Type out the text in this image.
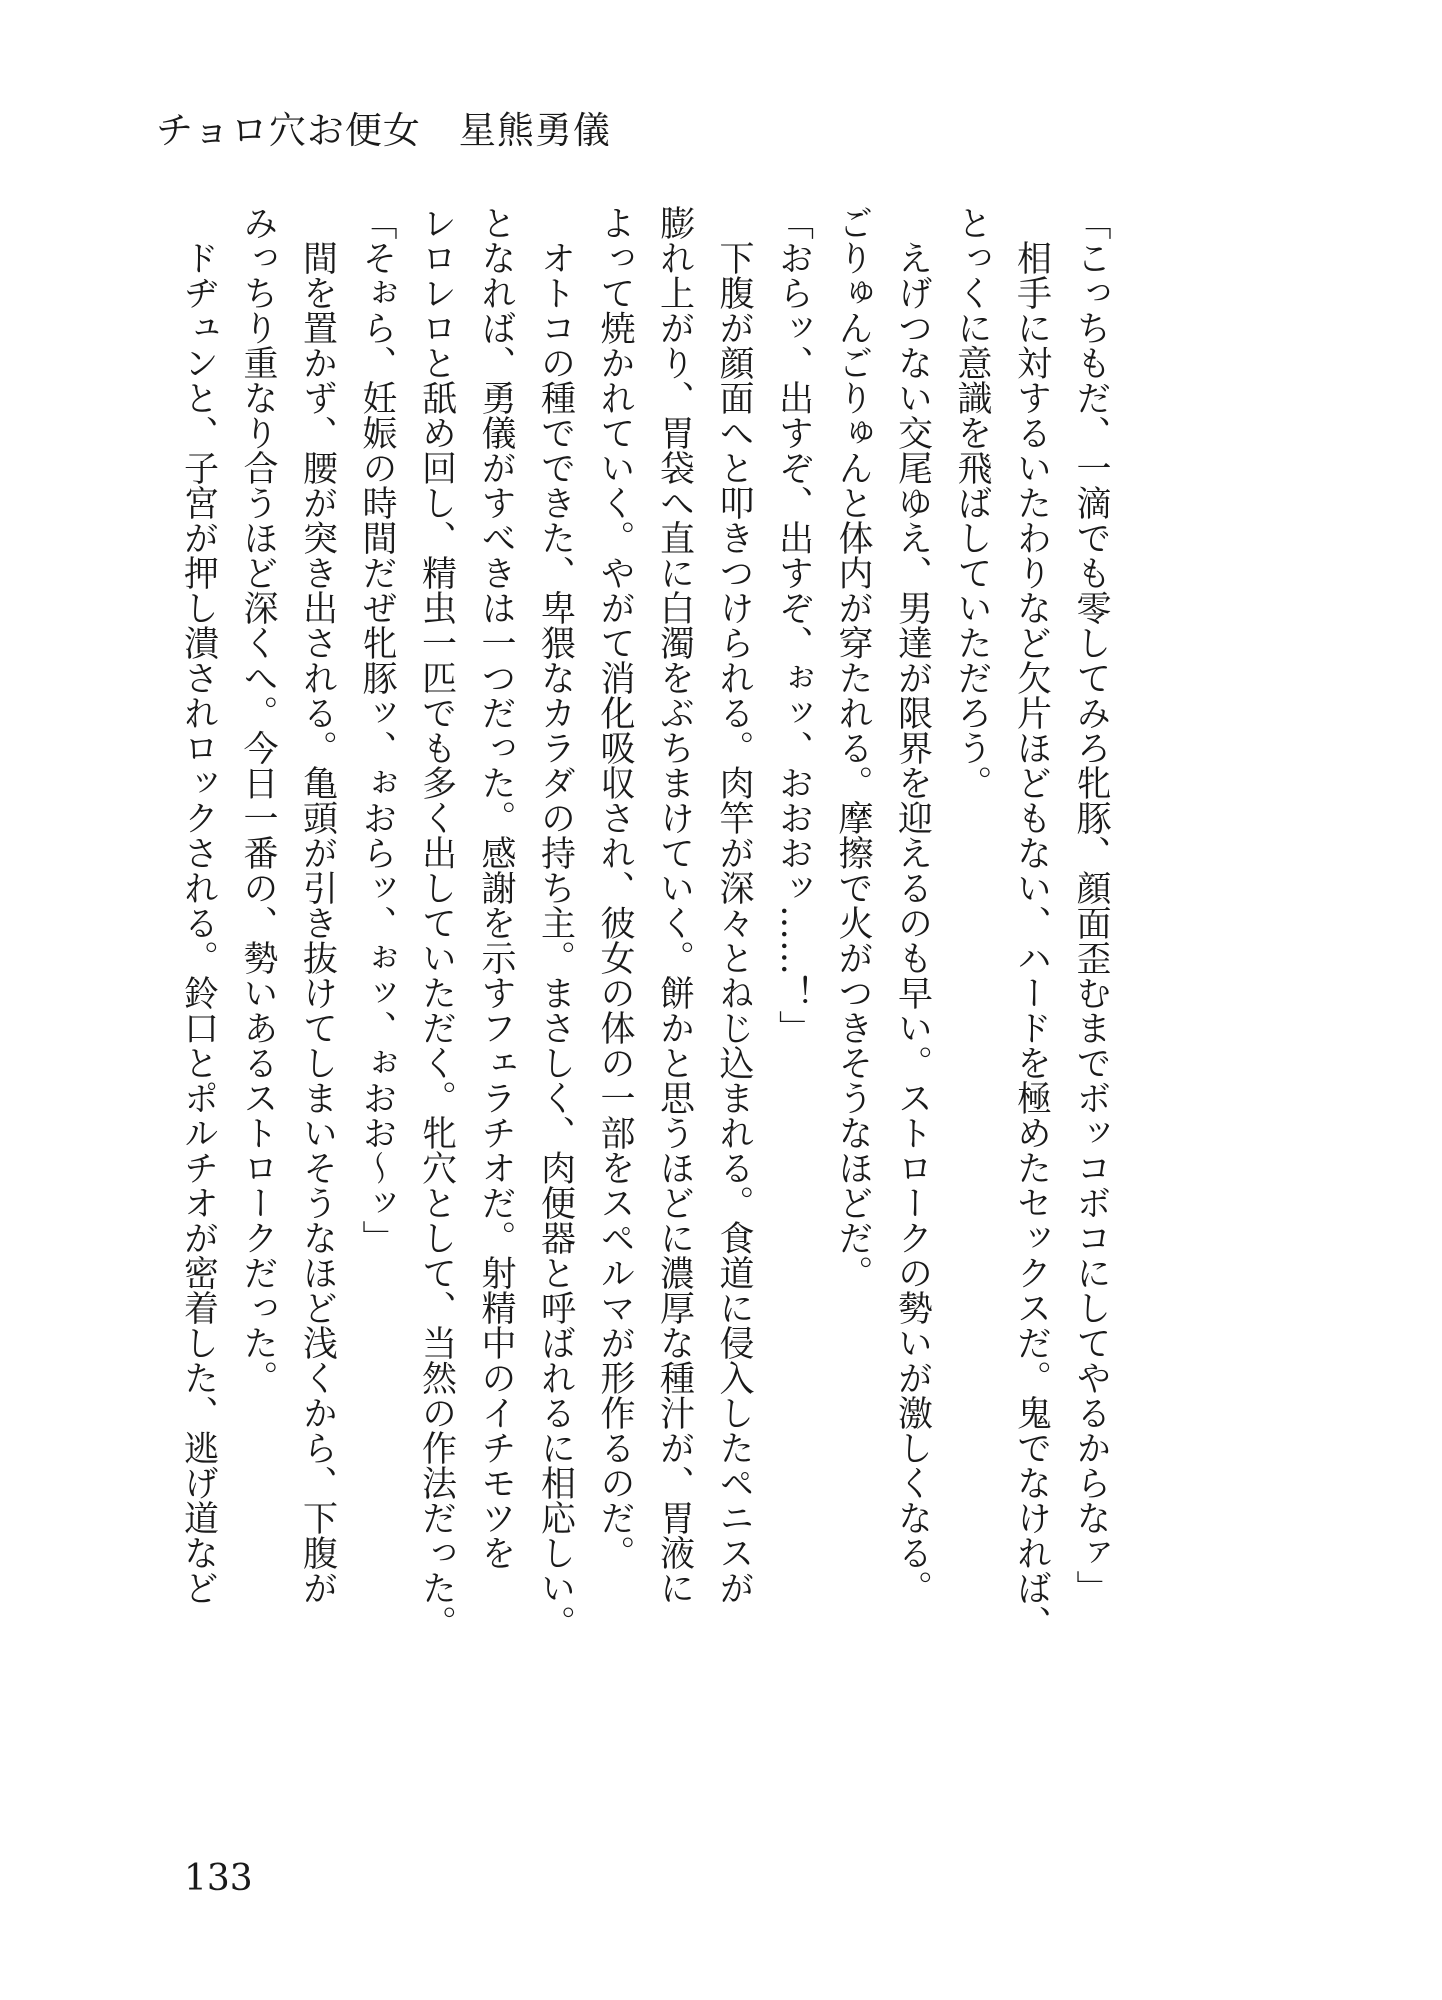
チョロ穴お便女　星熊勇儀
「こっちもだ、一滴でも零してみろ牝豚、顔面歪むまでボッコボコにしてやるからなァ」
相手に対するいたわりなど欠片ほどもない、ハードを極めたセックスだ。鬼でなければ、
とっくに意識を飛ばしていただろう。
えげつない交尾ゆえ、男達が限界を迎えるのも早い。ストロークの勢いが激しくなる。
ごりゅんごりゅんと体内が穿たれる。摩擦で火がつきそうなほどだ。
「おらッ、出すぞ、出すぞ、ぉッ、おおおッ……！」
下腹が顔面へと叩きつけられる。肉竿が深々とねじ込まれる。食道に侵入したペニスが
膨れ上がり、胃袋へ直に白濁をぶちまけていく。餅かと思うほどに濃厚な種汁が、胃液に
よって焼かれていく。やがて消化吸収され、彼女の体の一部をスペルマが形作るのだ。
オトコの種でできた、卑猥なカラダの持ち主。まさしく、肉便器と呼ばれるに相応しい。
となれば、勇儀がすべきは一つだった。感謝を示すフェラチオだ。射精中のイチモツを
レロレロと舐め回し、精虫一匹でも多く出していただく。牝穴として、当然の作法だった。
「そぉら、妊娠の時間だぜ牝豚ッ、ぉおらッ、ぉッ、ぉおお～ッ」
間を置かず、腰が突き出される。亀頭が引き抜けてしまいそうなほど浅くから、下腹が
みっちり重なり合うほど深くへ。今日一番の、勢いあるストロークだった。
ドヂュンと、子宮が押し潰されロックされる。鈴口とポルチオが密着した、逃げ道など
133
